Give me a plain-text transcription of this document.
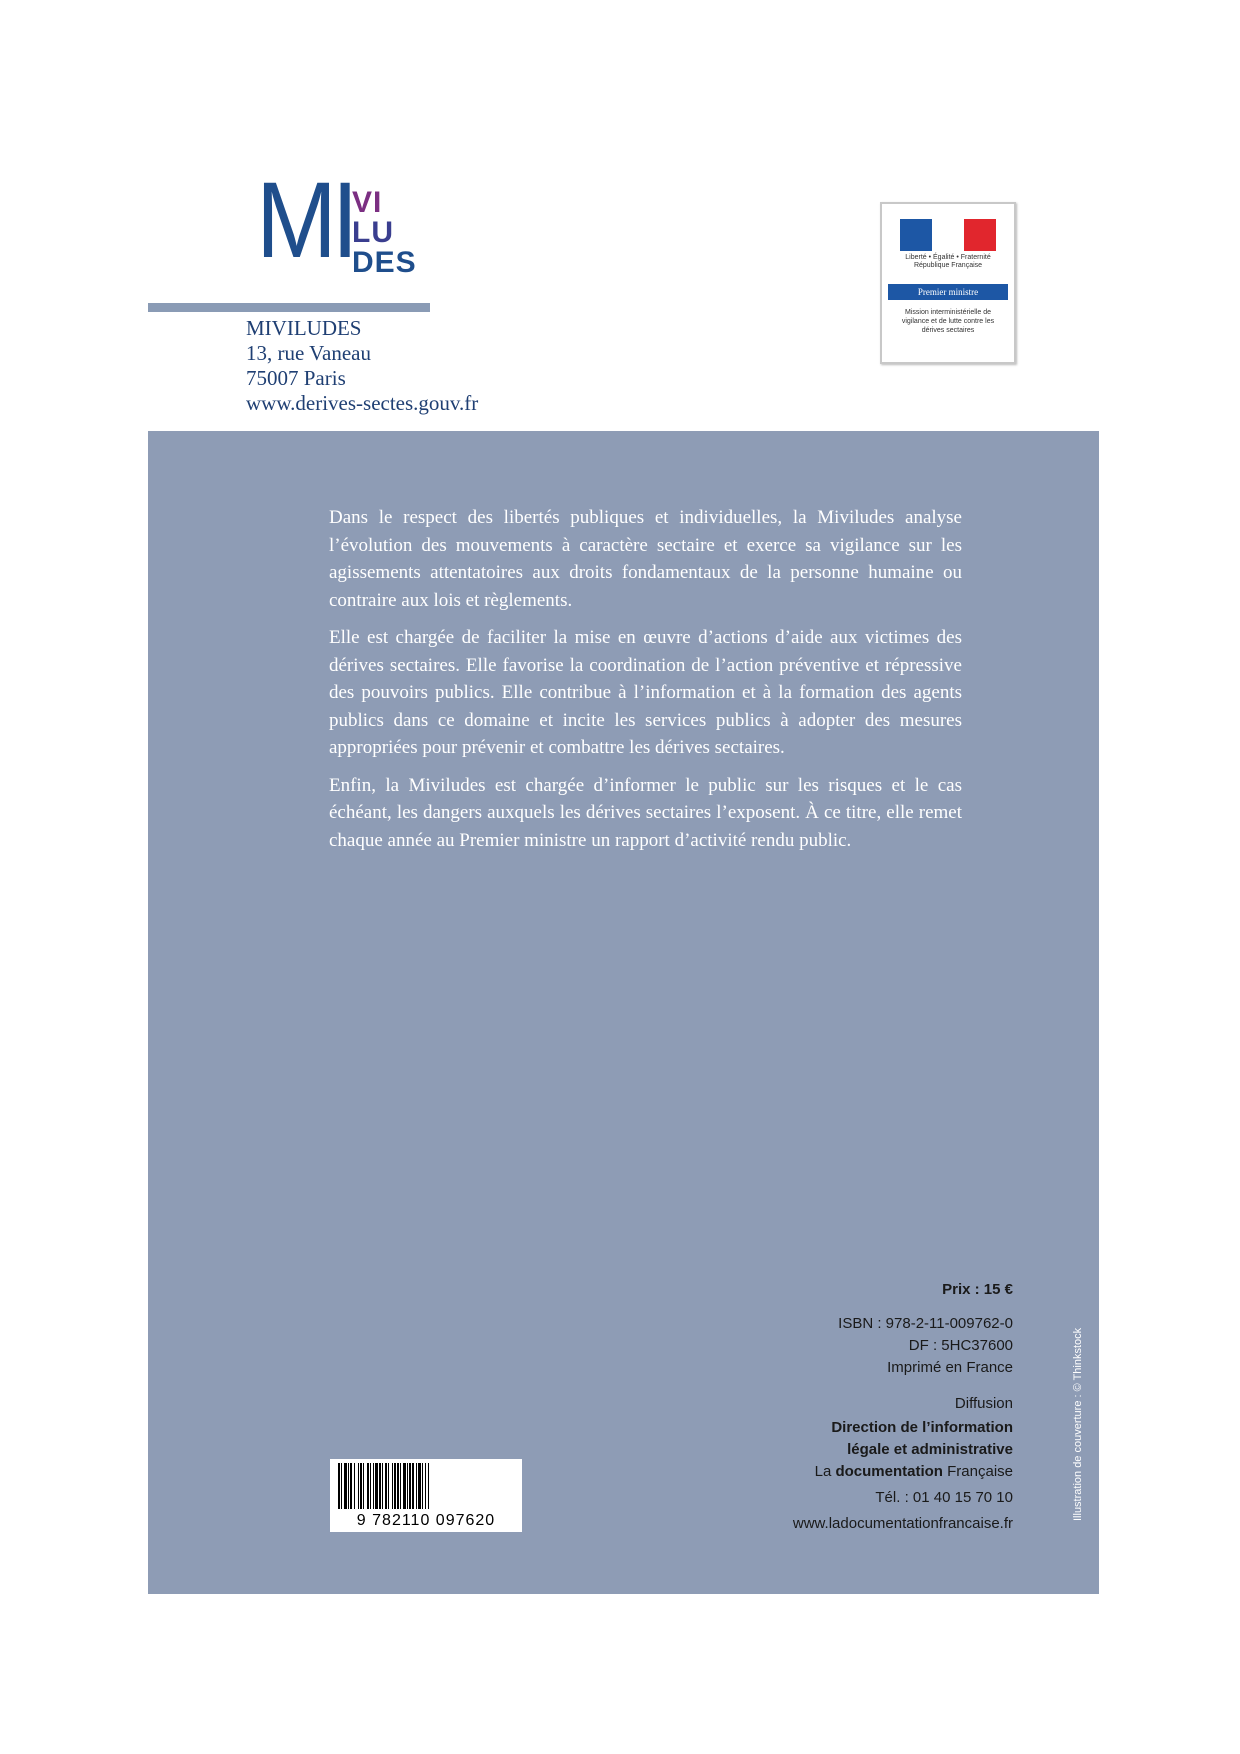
MI
VI
LU
DES
MIVILUDES
13, rue Vaneau
75007 Paris
www.derives-sectes.gouv.fr
Liberté • Égalité • Fraternité
République Française
Premier ministre
Mission interministérielle de vigilance et de lutte contre les dérives sectaires

Dans le respect des libertés publiques et individuelles, la Miviludes analyse l’évolution des mouvements à caractère sectaire et exerce sa vigilance sur les agissements attentatoires aux droits fondamentaux de la personne humaine ou contraire aux lois et règlements.

Elle est chargée de faciliter la mise en œuvre d’actions d’aide aux victimes des dérives sectaires. Elle favorise la coordination de l’action préventive et répressive des pouvoirs publics. Elle contribue à l’information et à la formation des agents publics dans ce domaine et incite les services publics à adopter des mesures appropriées pour prévenir et combattre les dérives sectaires.

Enfin, la Miviludes est chargée d’informer le public sur les risques et le cas échéant, les dangers auxquels les dérives sectaires l’exposent. À ce titre, elle remet chaque année au Premier ministre un rapport d’activité rendu public.

Illustration de couverture : © Thinkstock
Prix : 15 €
ISBN : 978-2-11-009762-0
DF : 5HC37600
Imprimé en France
Diffusion
Direction de l’information
légale et administrative
La documentation Française
Tél. : 01 40 15 70 10
www.ladocumentationfrancaise.fr
9 782110 097620
